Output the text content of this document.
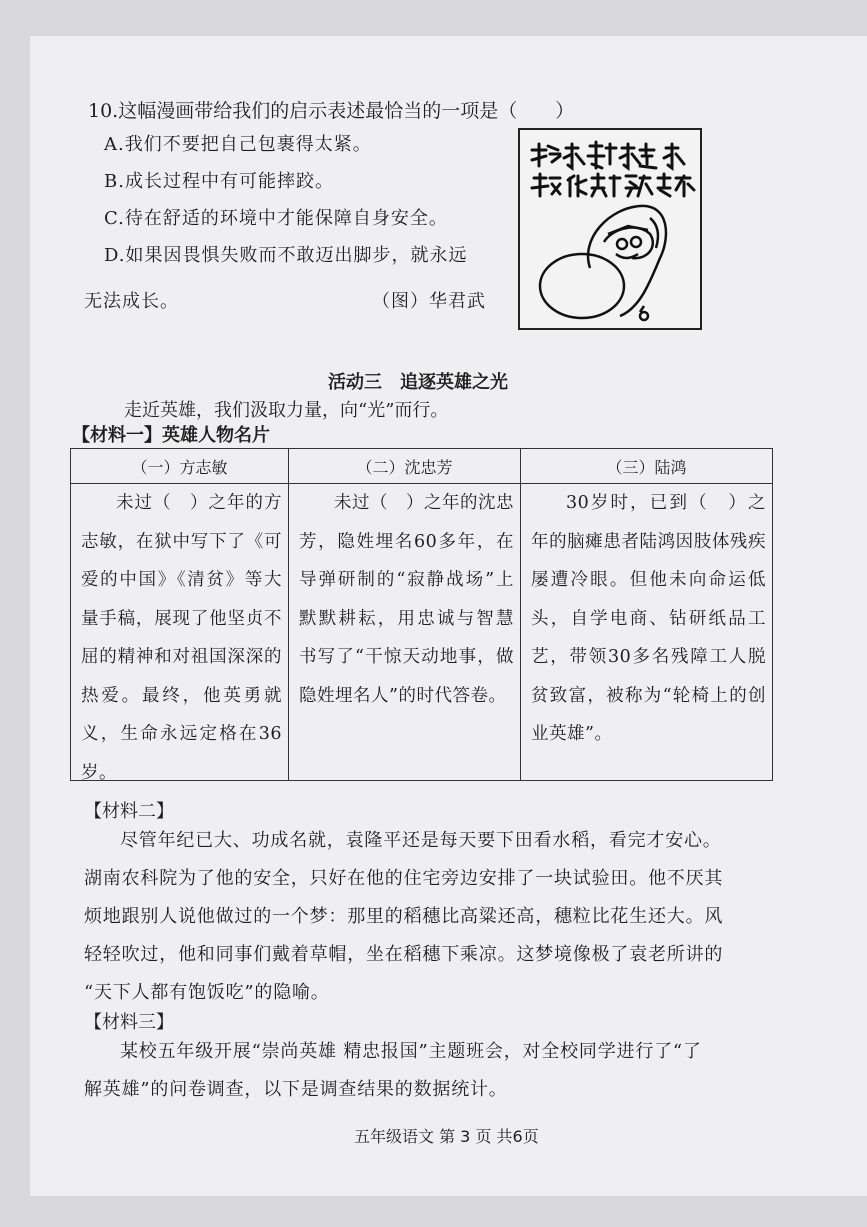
10.这幅漫画带给我们的启示表述最恰当的一项是（　　）
A.我们不要把自己包裹得太紧。
B.成长过程中有可能摔跤。
C.待在舒适的环境中才能保障自身安全。
D.如果因畏惧失败而不敢迈出脚步，就永远
无法成长。	（图）华君武
活动三　追逐英雄之光
走近英雄，我们汲取力量，向“光”而行。
【材料一】英雄人物名片
（一）方志敏	（二）沈忠芳	（三）陆鸿

未过（　）之年的方志敏，在狱中写下了《可爱的中国》《清贫》等大量手稿，展现了他坚贞不屈的精神和对祖国深深的热爱。最终，他英勇就义，生命永远定格在36岁。	未过（　）之年的沈忠芳，隐姓埋名60多年，在导弹研制的“寂静战场”上默默耕耘，用忠诚与智慧书写了“干惊天动地事，做隐姓埋名人”的时代答卷。	30岁时，已到（　）之年的脑瘫患者陆鸿因肢体残疾屡遭冷眼。但他未向命运低头，自学电商、钻研纸品工艺，带领30多名残障工人脱贫致富，被称为“轮椅上的创业英雄”。
【材料二】
尽管年纪已大、功成名就，袁隆平还是每天要下田看水稻，看完才安心。
湖南农科院为了他的安全，只好在他的住宅旁边安排了一块试验田。他不厌其
烦地跟别人说他做过的一个梦：那里的稻穗比高粱还高，穗粒比花生还大。风
轻轻吹过，他和同事们戴着草帽，坐在稻穗下乘凉。这梦境像极了袁老所讲的
“天下人都有饱饭吃”的隐喻。
【材料三】
某校五年级开展“崇尚英雄 精忠报国”主题班会，对全校同学进行了“了
解英雄”的问卷调查，以下是调查结果的数据统计。
五年级语文 第 3 页 共6页
